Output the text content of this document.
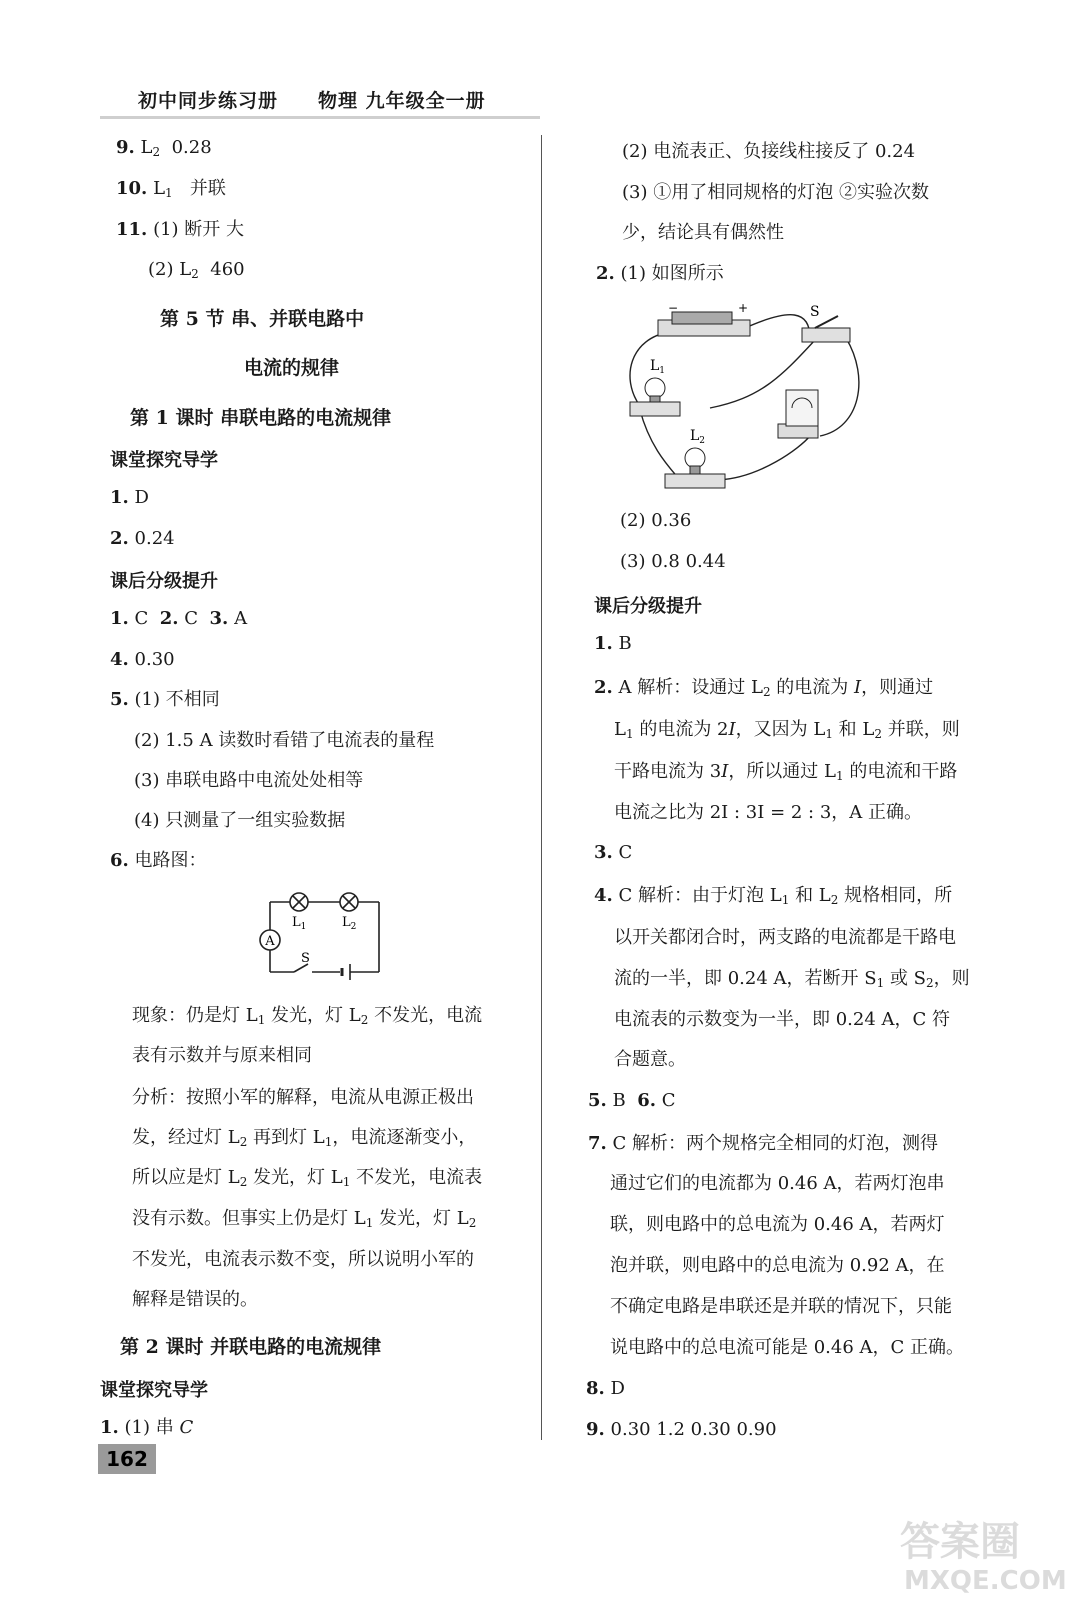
初中同步练习册 物理 九年级全一册
9. $L_2$ 0.28
10. $L_1$ 并联
11. (1) 断开 大
(2) $L_2$ 460
第 5 节 串、并联电路中
电流的规律
第 1 课时 串联电路的电流规律
课堂探究导学
1. D
2. 0.24
课后分级提升
1. C 2. C 3. A
4. 0.30
5. (1) 不相同
(2) 1.5 A 读数时看错了电流表的量程
(3) 串联电路中电流处处相等
(4) 只测量了一组实验数据
6. 电路图：
A
$L_1$	$L_2$
S
现象：仍是灯 $L_1$ 发光，灯 $L_2$ 不发光，电流
表有示数并与原来相同
分析：按照小军的解释，电流从电源正极出
发，经过灯 $L_2$ 再到灯 $L_1$，电流逐渐变小，
所以应是灯 $L_2$ 发光，灯 $L_1$ 不发光，电流表
没有示数。但事实上仍是灯 $L_1$ 发光，灯 $L_2$
不发光，电流表示数不变，所以说明小军的
解释是错误的。
第 2 课时 并联电路的电流规律
课堂探究导学
1. (1) 串 C
162
(2) 电流表正、负接线柱接反了 0.24
(3) ①用了相同规格的灯泡 ②实验次数
少，结论具有偶然性
2. (1) 如图所示
−	+	S
$L_1$
$L_2$
(2) 0.36
(3) 0.8 0.44
课后分级提升
1. B
2. A 解析：设通过 $L_2$ 的电流为 I，则通过
$L_1$ 的电流为 2I，又因为 $L_1$ 和 $L_2$ 并联，则
干路电流为 3I，所以通过 $L_1$ 的电流和干路
电流之比为 2I : 3I = 2 : 3，A 正确。
3. C
4. C 解析：由于灯泡 $L_1$ 和 $L_2$ 规格相同，所
以开关都闭合时，两支路的电流都是干路电
流的一半，即 0.24 A，若断开 $S_1$ 或 $S_2$，则
电流表的示数变为一半，即 0.24 A，C 符
合题意。
5. B 6. C
7. C 解析：两个规格完全相同的灯泡，测得
通过它们的电流都为 0.46 A，若两灯泡串
联，则电路中的总电流为 0.46 A，若两灯
泡并联，则电路中的总电流为 0.92 A，在
不确定电路是串联还是并联的情况下，只能
说电路中的总电流可能是 0.46 A，C 正确。
8. D
9. 0.30 1.2 0.30 0.90
答案圈
MXQE.COM
